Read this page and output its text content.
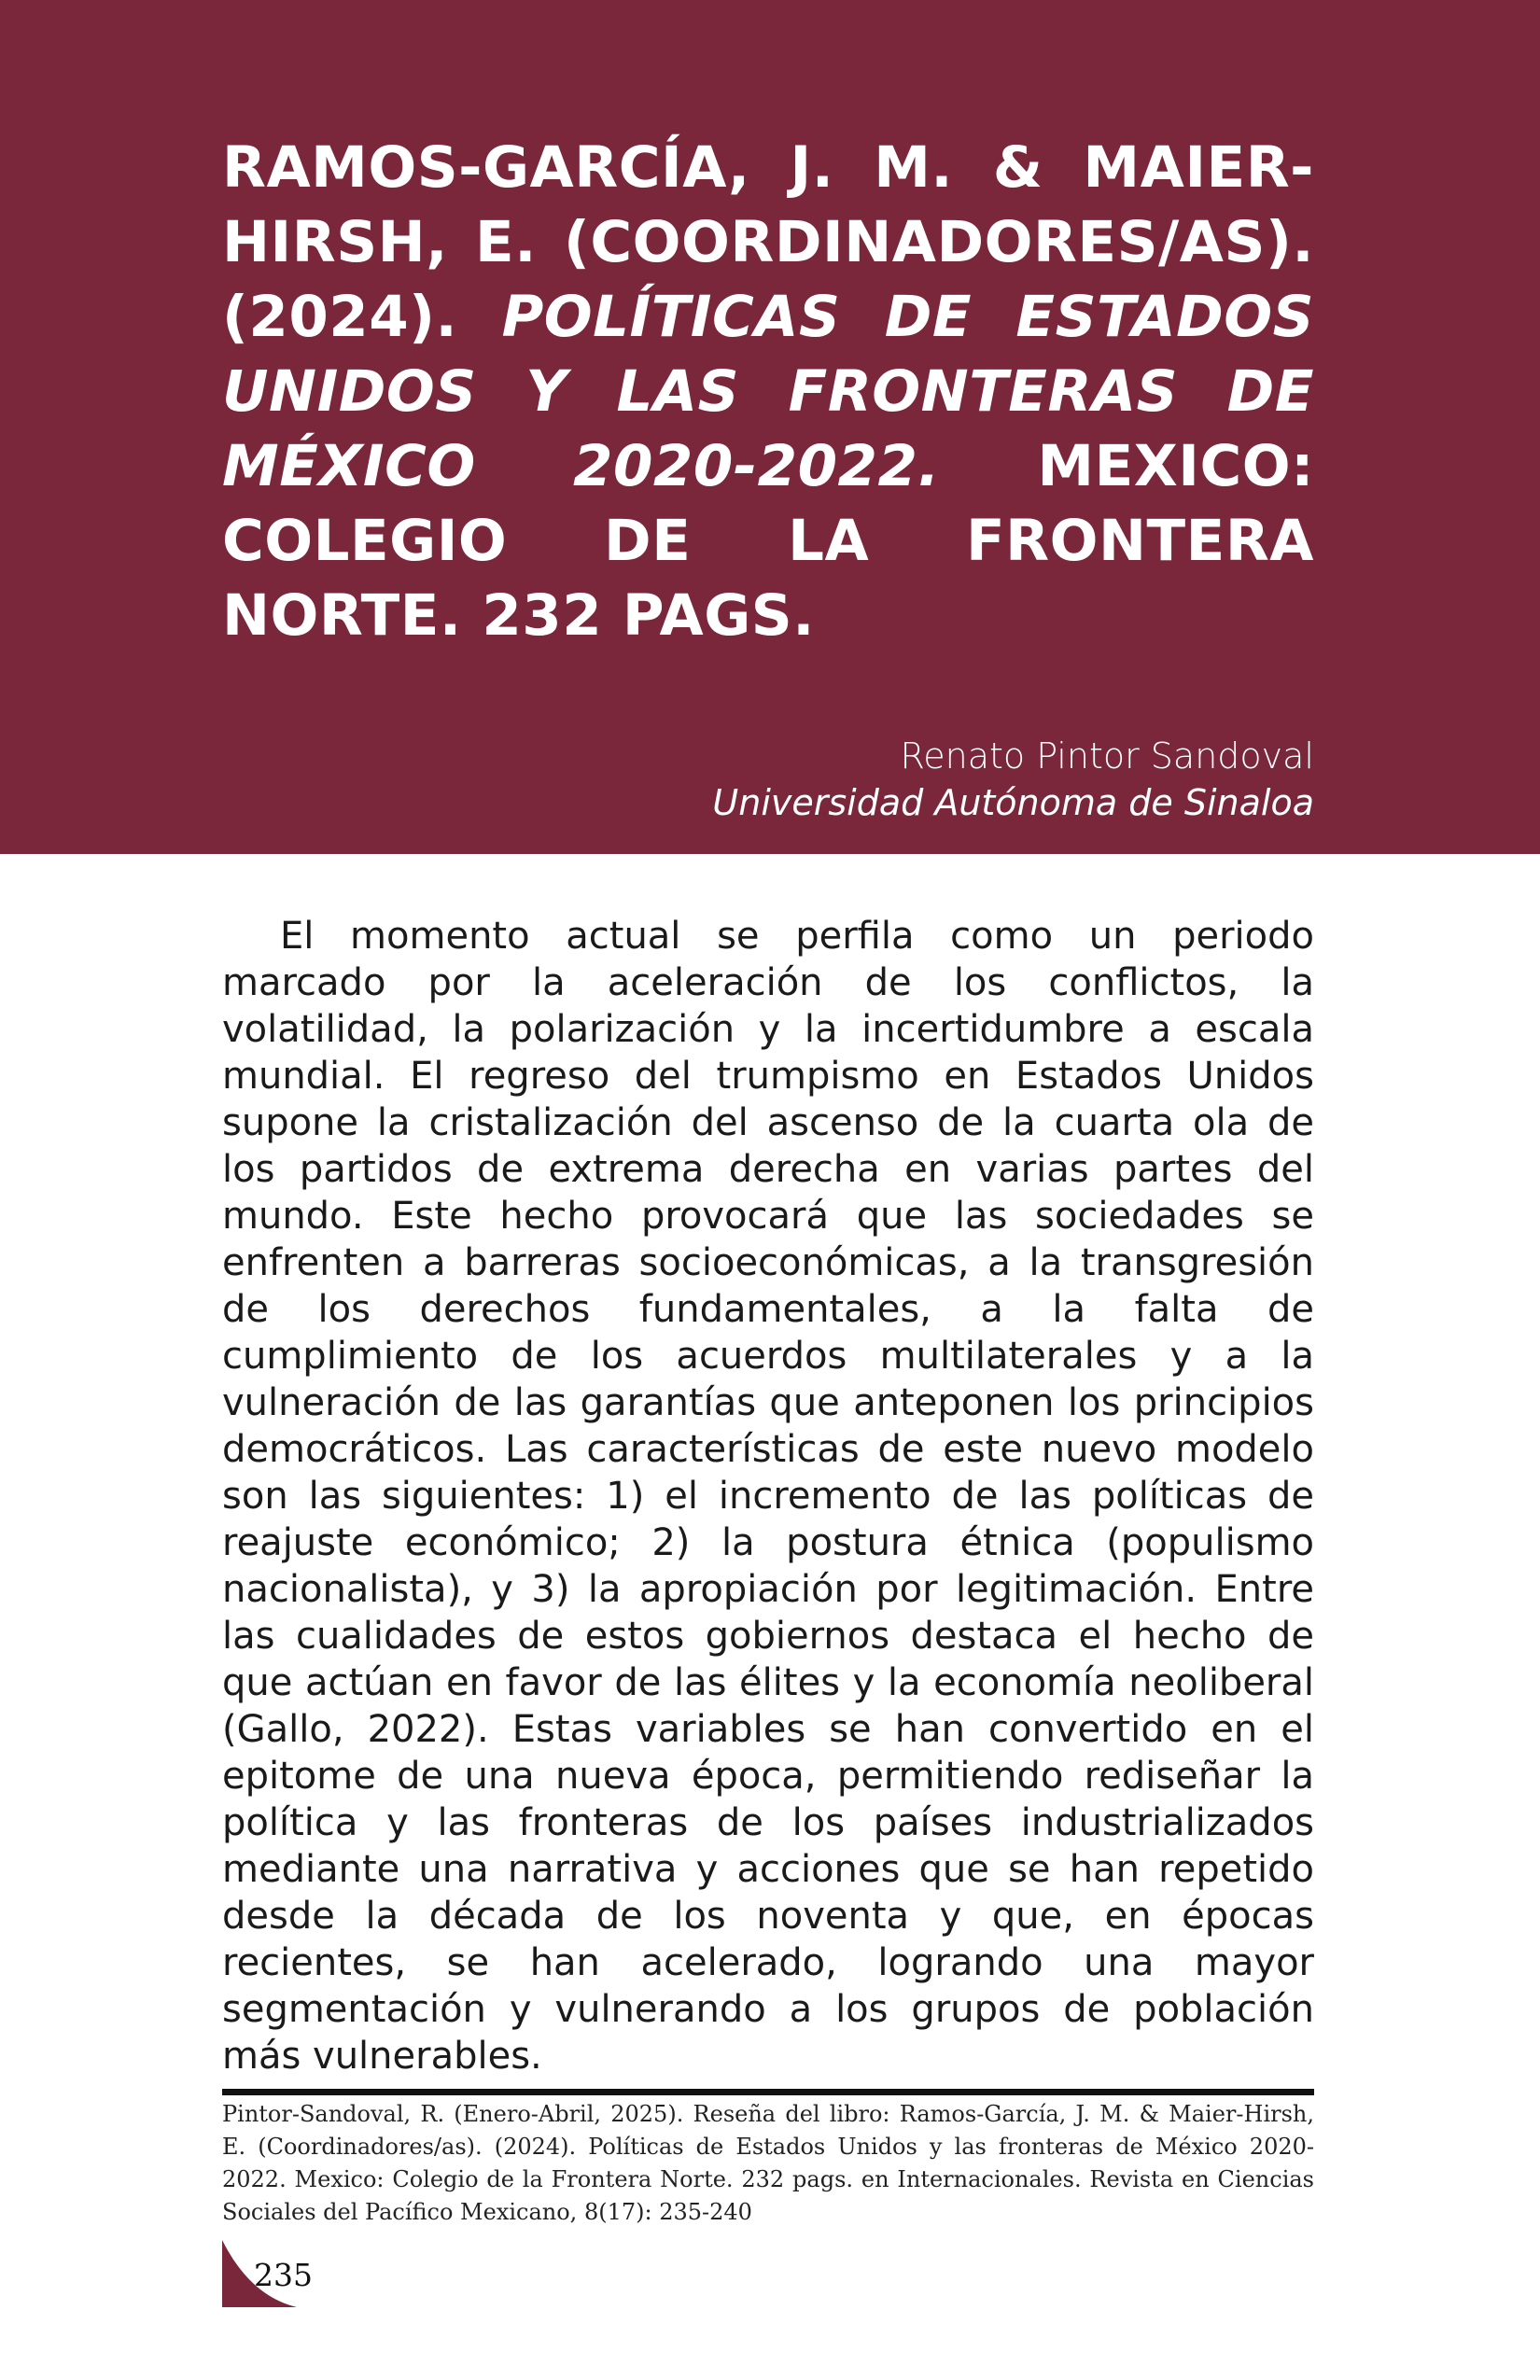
RAMOS-GARCÍA, J. M. & MAIER-HIRSH, E. (COORDINADORES/AS). (2024). POLÍTICAS DE ESTADOS UNIDOS Y LAS FRONTERAS DE MÉXICO 2020-2022. MEXICO: COLEGIO DE LA FRONTERA NORTE. 232 PAGS.
Renato Pintor Sandoval
Universidad Autónoma de Sinaloa

El momento actual se perfila como un periodo marcado por la aceleración de los conflictos, la volatilidad, la polarización y la incertidumbre a escala mundial. El regreso del trumpismo en Estados Unidos supone la cristalización del ascenso de la cuarta ola de los partidos de extrema derecha en varias partes del mundo. Este hecho provocará que las sociedades se enfrenten a barreras socioeconómicas, a la transgresión de los derechos fundamentales, a la falta de cumplimiento de los acuerdos multilaterales y a la vulneración de las garantías que anteponen los principios democráticos. Las características de este nuevo modelo son las siguientes: 1) el incremento de las políticas de reajuste económico; 2) la postura étnica (populismo nacionalista), y 3) la apropiación por legitimación. Entre las cualidades de estos gobiernos destaca el hecho de que actúan en favor de las élites y la economía neoliberal (Gallo, 2022). Estas variables se han convertido en el epitome de una nueva época, permitiendo rediseñar la política y las fronteras de los países industrializados mediante una narrativa y acciones que se han repetido desde la década de los noventa y que, en épocas recientes, se han acelerado, logrando una mayor segmentación y vulnerando a los grupos de población más vulnerables.

Pintor-Sandoval, R. (Enero-Abril, 2025). Reseña del libro: Ramos-García, J. M. & Maier-Hirsh, E. (Coordinadores/as). (2024). Políticas de Estados Unidos y las fronteras de México 2020-2022. Mexico: Colegio de la Frontera Norte. 232 pags. en Internacionales. Revista en Ciencias Sociales del Pacífico Mexicano, 8(17): 235-240

235
